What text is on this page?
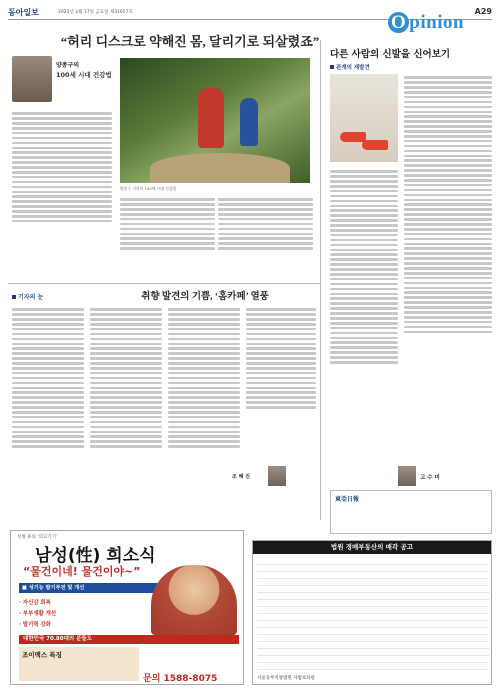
동아일보	2023년 2월 17일 금요일 제31657호	A29
O pinion
“허리 디스크로 약해진 몸, 달리기로 되살렸죠”
양종구의
100세 시대 건강법
양종구 기자의 100세 시대 건강법
다른 사람의 신발을 신어보기
관계의 재발견
고 수 미
기자의 눈	취향 발견의 기쁨, ‘홈카페’ 열풍
조 혜 진
東亞日報
성병 휴의 ‘의료기기’
남성(性) 희소식
“물건이네! 물건이야~”
■ 성기능 발기부전 및 개선
· 자신감 회복
· 부부생활 개선
· 발기력 강화
대한민국 70.80대의 분들도
조이맥스 특징
문의 1588-8075
법원 경매부동산의 매각 공고
서울동부지방법원 사법보좌관
